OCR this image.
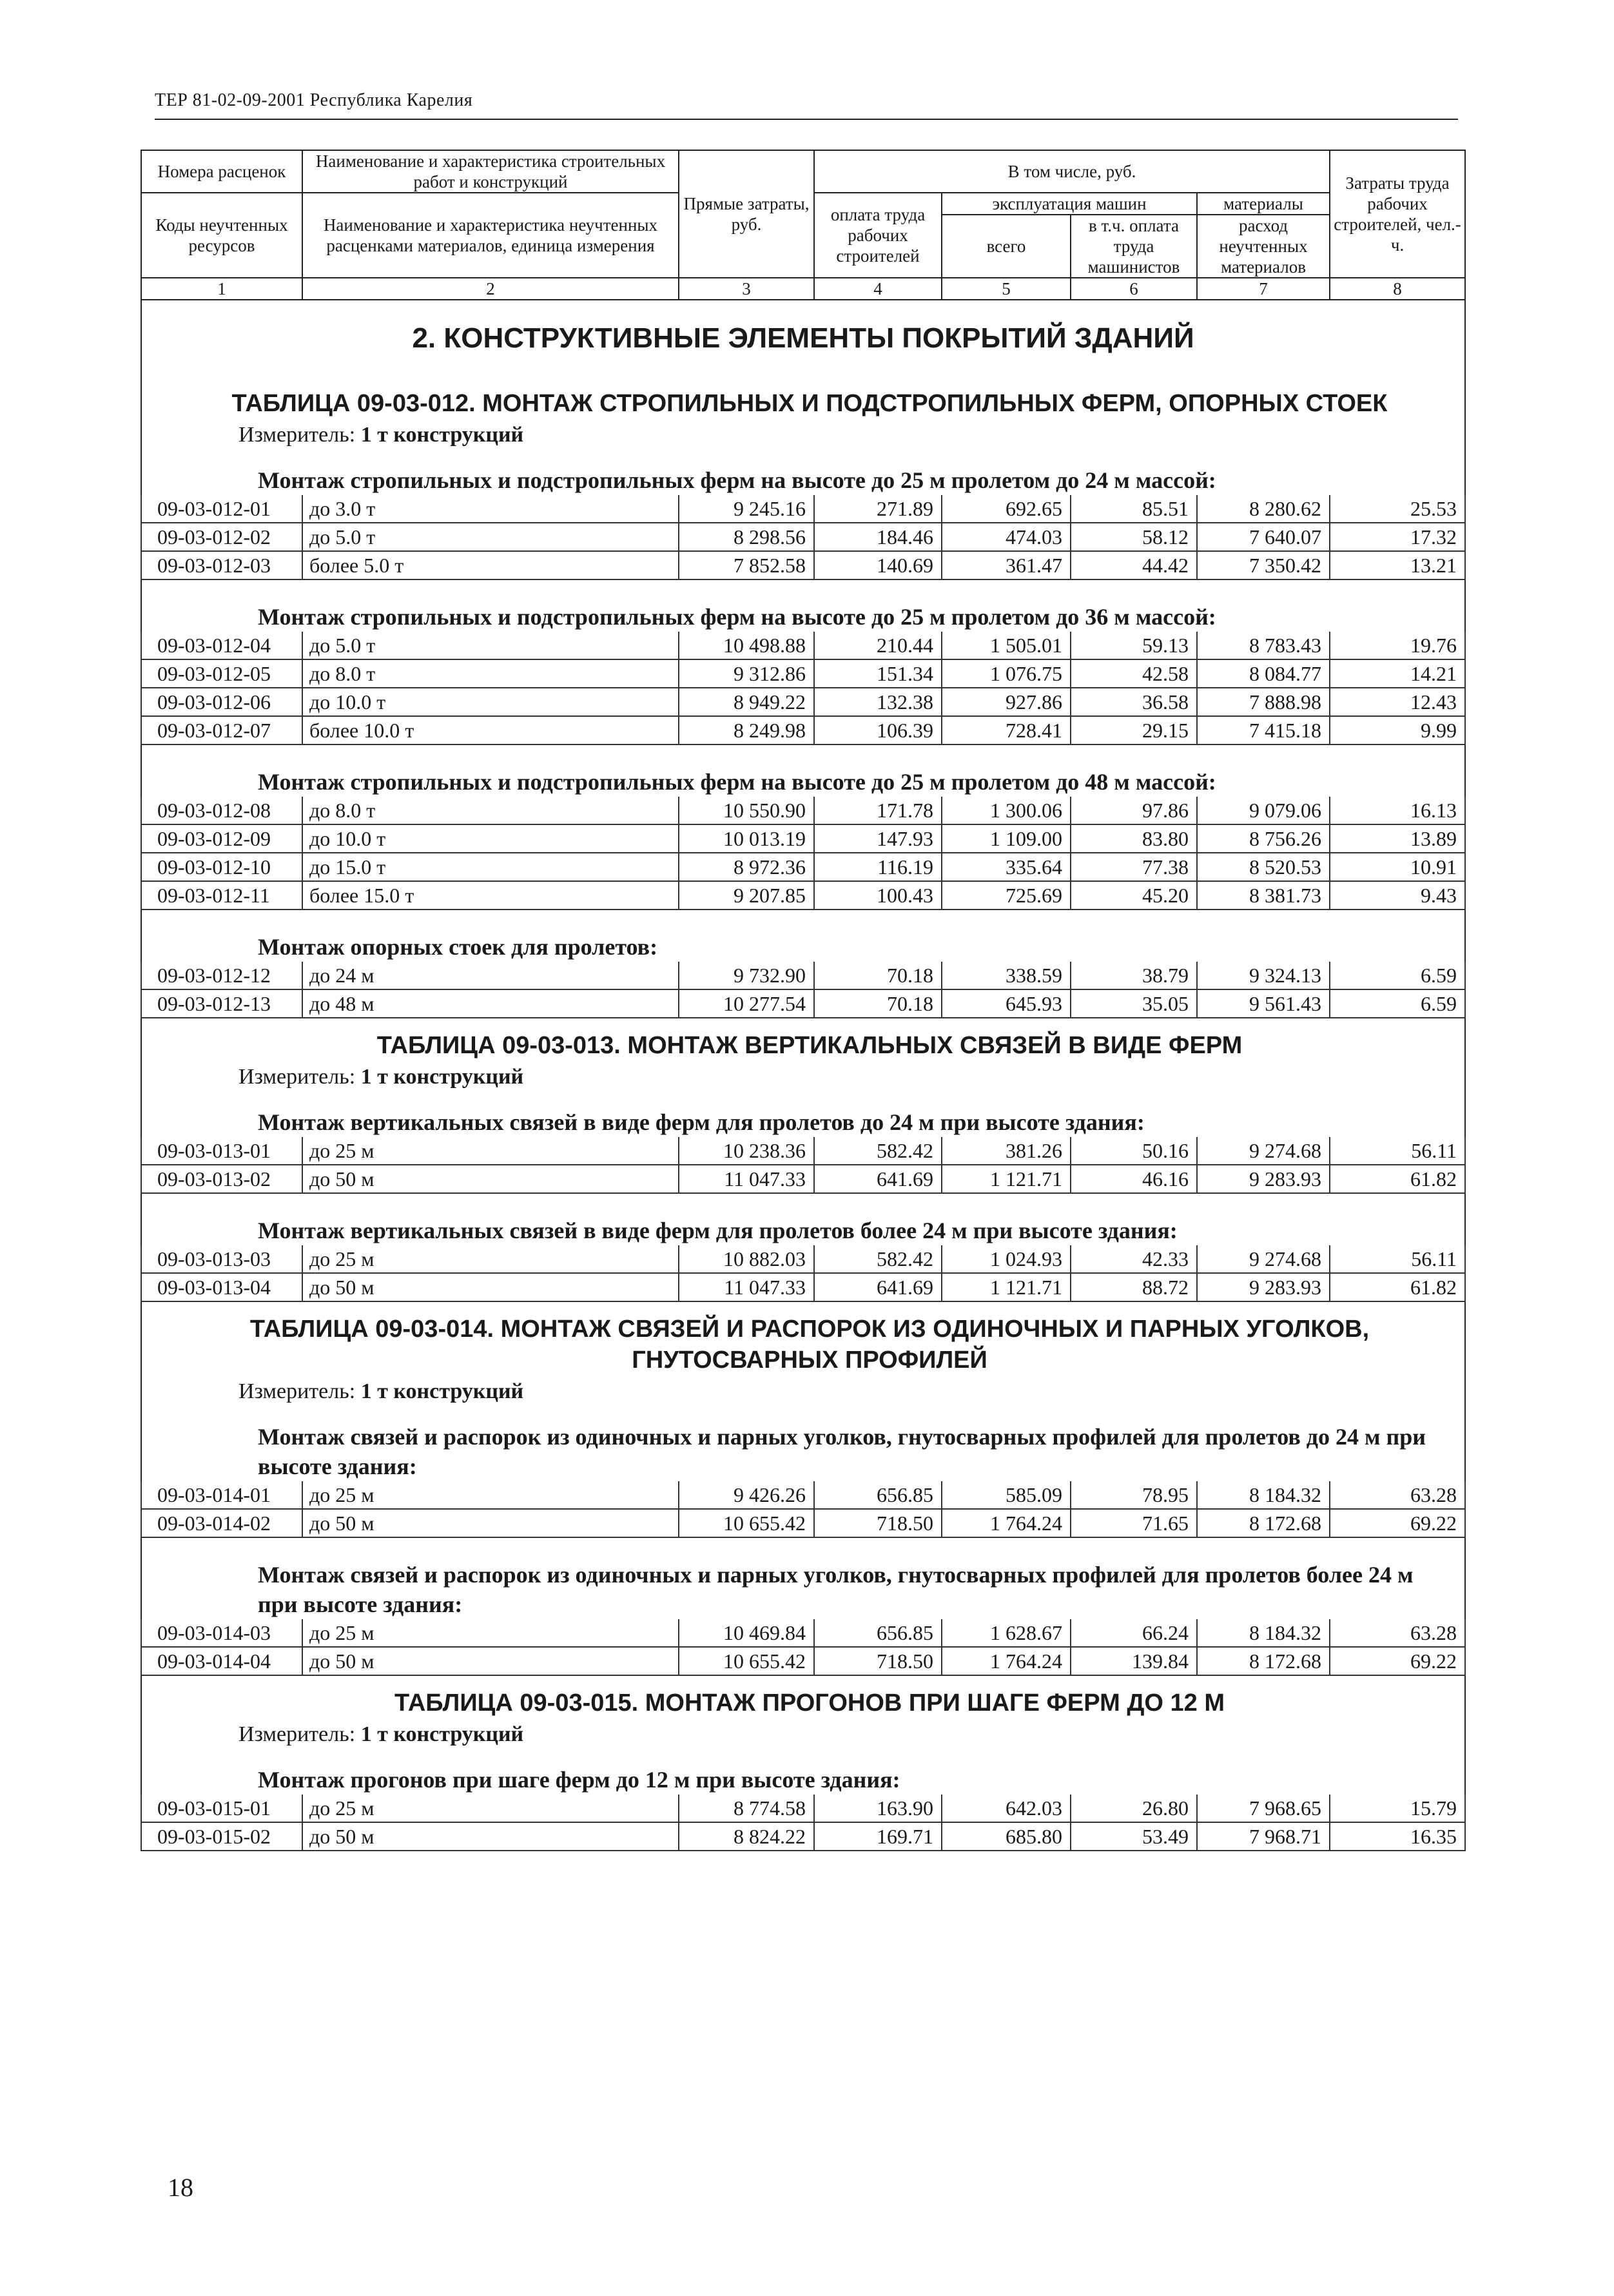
ТЕР 81-02-09-2001 Республика Карелия
Номера расценок	Наименование и характеристика строительных работ и конструкций	Прямые затраты, руб.	В том числе, руб.				Затраты труда рабочих строителей, чел.-ч.
Коды неучтенных ресурсов	Наименование и характеристика неучтенных расценками материалов, единица измерения		оплата труда рабочих строителей	эксплуатация машин		материалы	
				всего	в т.ч. оплата труда машинистов	расход неучтенных материалов	
1	2	3	4	5	6	7	8
2. КОНСТРУКТИВНЫЕ ЭЛЕМЕНТЫ ПОКРЫТИЙ ЗДАНИЙ							

ТАБЛИЦА 09-03-012. МОНТАЖ СТРОПИЛЬНЫХ И ПОДСТРОПИЛЬНЫХ ФЕРМ, ОПОРНЫХ СТОЕК
Измеритель: 1 т конструкций							

Монтаж стропильных и подстропильных ферм на высоте до 25 м пролетом до 24 м массой:							

09-03-012-01	до 3.0 т	9 245.16	271.89	692.65	85.51	8 280.62	25.53
09-03-012-02	до 5.0 т	8 298.56	184.46	474.03	58.12	7 640.07	17.32
09-03-012-03	более 5.0 т	7 852.58	140.69	361.47	44.42	7 350.42	13.21

Монтаж стропильных и подстропильных ферм на высоте до 25 м пролетом до 36 м массой:							

09-03-012-04	до 5.0 т	10 498.88	210.44	1 505.01	59.13	8 783.43	19.76
09-03-012-05	до 8.0 т	9 312.86	151.34	1 076.75	42.58	8 084.77	14.21
09-03-012-06	до 10.0 т	8 949.22	132.38	927.86	36.58	7 888.98	12.43
09-03-012-07	более 10.0 т	8 249.98	106.39	728.41	29.15	7 415.18	9.99

Монтаж стропильных и подстропильных ферм на высоте до 25 м пролетом до 48 м массой:							

09-03-012-08	до 8.0 т	10 550.90	171.78	1 300.06	97.86	9 079.06	16.13
09-03-012-09	до 10.0 т	10 013.19	147.93	1 109.00	83.80	8 756.26	13.89
09-03-012-10	до 15.0 т	8 972.36	116.19	335.64	77.38	8 520.53	10.91
09-03-012-11	более 15.0 т	9 207.85	100.43	725.69	45.20	8 381.73	9.43

Монтаж опорных стоек для пролетов:							

09-03-012-12	до 24 м	9 732.90	70.18	338.59	38.79	9 324.13	6.59
09-03-012-13	до 48 м	10 277.54	70.18	645.93	35.05	9 561.43	6.59

ТАБЛИЦА 09-03-013. МОНТАЖ ВЕРТИКАЛЬНЫХ СВЯЗЕЙ В ВИДЕ ФЕРМ
Измеритель: 1 т конструкций							

Монтаж вертикальных связей в виде ферм для пролетов до 24 м при высоте здания:							

09-03-013-01	до 25 м	10 238.36	582.42	381.26	50.16	9 274.68	56.11
09-03-013-02	до 50 м	11 047.33	641.69	1 121.71	46.16	9 283.93	61.82

Монтаж вертикальных связей в виде ферм для пролетов более 24 м при высоте здания:							

09-03-013-03	до 25 м	10 882.03	582.42	1 024.93	42.33	9 274.68	56.11
09-03-013-04	до 50 м	11 047.33	641.69	1 121.71	88.72	9 283.93	61.82

ТАБЛИЦА 09-03-014. МОНТАЖ СВЯЗЕЙ И РАСПОРОК ИЗ ОДИНОЧНЫХ И ПАРНЫХ УГОЛКОВ, ГНУТОСВАРНЫХ ПРОФИЛЕЙ
Измеритель: 1 т конструкций							

Монтаж связей и распорок из одиночных и парных уголков, гнутосварных профилей для пролетов до 24 м при высоте здания:							

09-03-014-01	до 25 м	9 426.26	656.85	585.09	78.95	8 184.32	63.28
09-03-014-02	до 50 м	10 655.42	718.50	1 764.24	71.65	8 172.68	69.22

Монтаж связей и распорок из одиночных и парных уголков, гнутосварных профилей для пролетов более 24 м при высоте здания:							

09-03-014-03	до 25 м	10 469.84	656.85	1 628.67	66.24	8 184.32	63.28
09-03-014-04	до 50 м	10 655.42	718.50	1 764.24	139.84	8 172.68	69.22

ТАБЛИЦА 09-03-015. МОНТАЖ ПРОГОНОВ ПРИ ШАГЕ ФЕРМ ДО 12 М
Измеритель: 1 т конструкций							

Монтаж прогонов при шаге ферм до 12 м при высоте здания:							

09-03-015-01	до 25 м	8 774.58	163.90	642.03	26.80	7 968.65	15.79
09-03-015-02	до 50 м	8 824.22	169.71	685.80	53.49	7 968.71	16.35
18
